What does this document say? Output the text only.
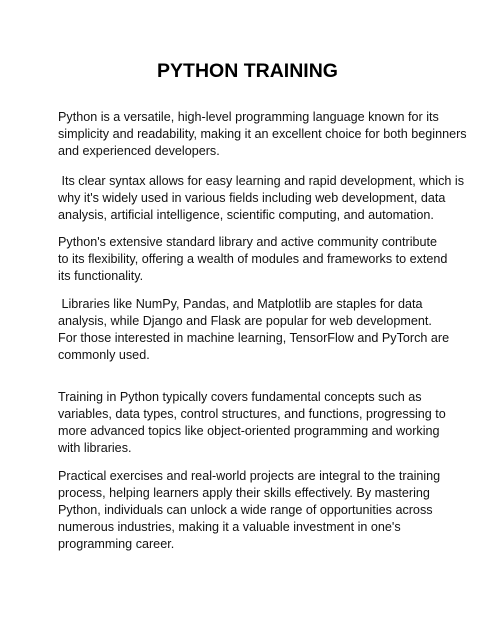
PYTHON TRAINING

Python is a versatile, high-level programming language known for its
simplicity and readability, making it an excellent choice for both beginners
and experienced developers.

Its clear syntax allows for easy learning and rapid development, which is
why it's widely used in various fields including web development, data
analysis, artificial intelligence, scientific computing, and automation.

Python's extensive standard library and active community contribute
to its flexibility, offering a wealth of modules and frameworks to extend
its functionality.

Libraries like NumPy, Pandas, and Matplotlib are staples for data
analysis, while Django and Flask are popular for web development.
For those interested in machine learning, TensorFlow and PyTorch are
commonly used.

Training in Python typically covers fundamental concepts such as
variables, data types, control structures, and functions, progressing to
more advanced topics like object-oriented programming and working
with libraries.

Practical exercises and real-world projects are integral to the training
process, helping learners apply their skills effectively. By mastering
Python, individuals can unlock a wide range of opportunities across
numerous industries, making it a valuable investment in one's
programming career.
